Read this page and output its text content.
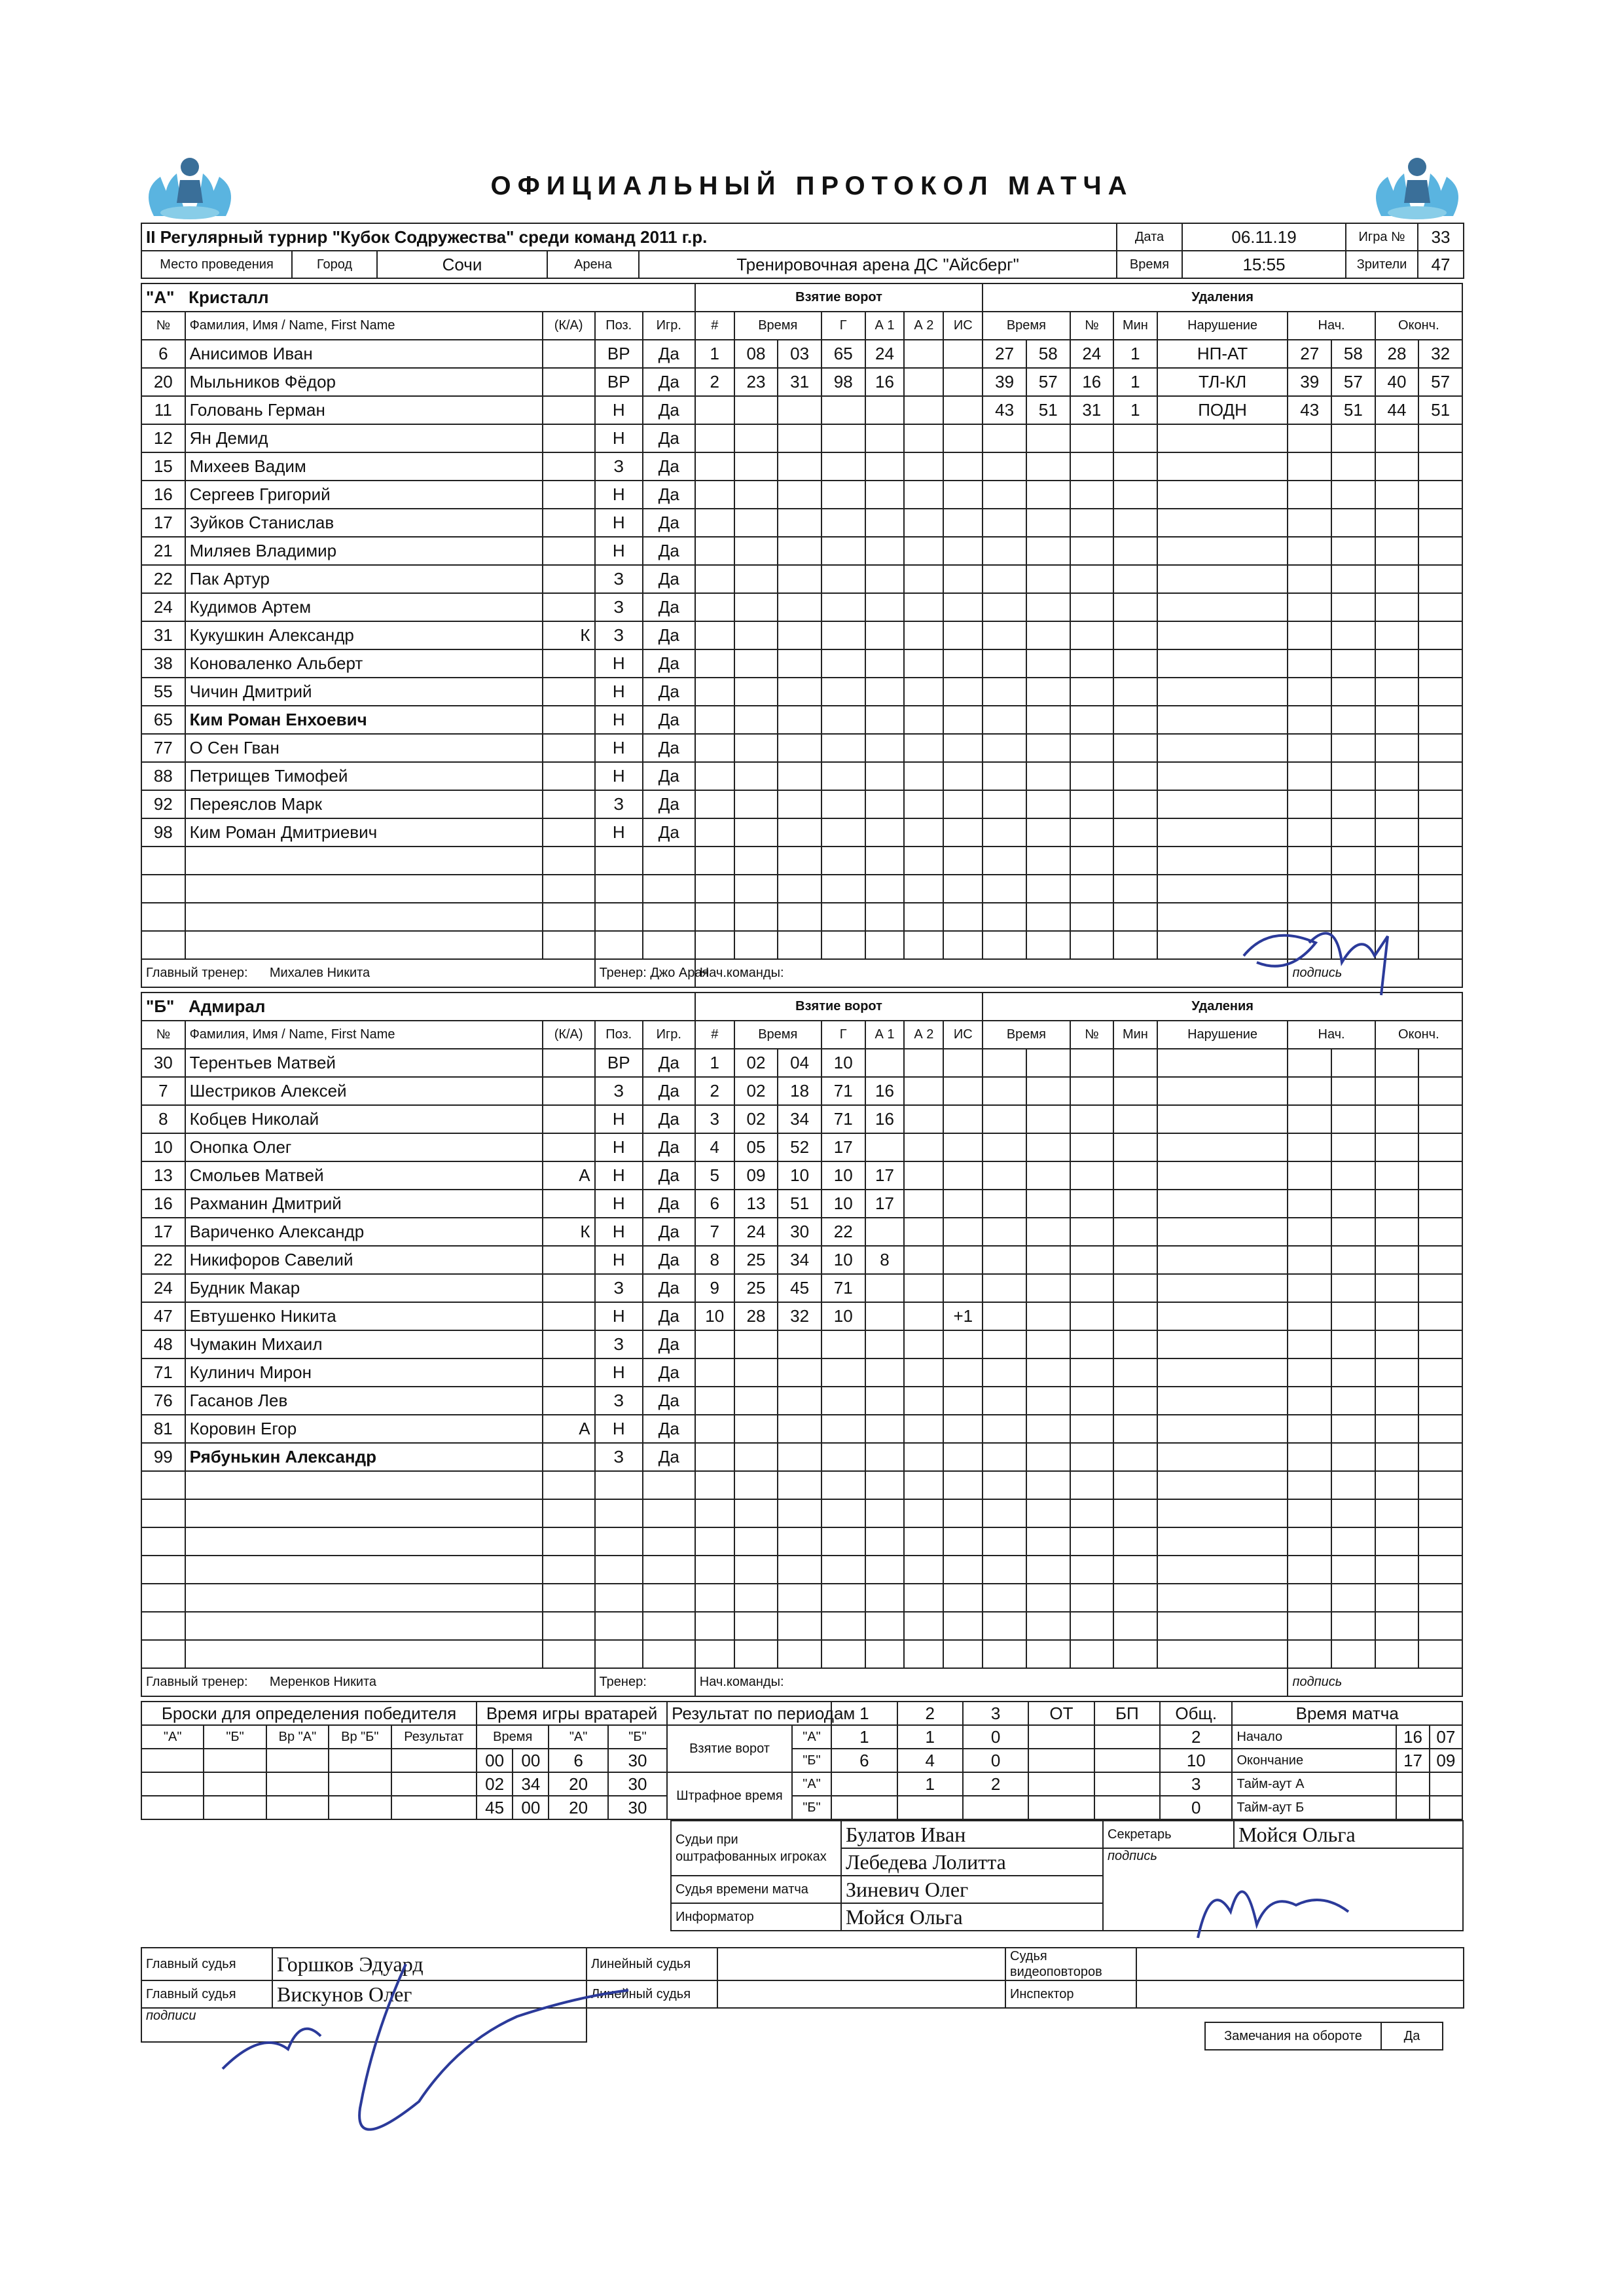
ОФИЦИАЛЬНЫЙ ПРОТОКОЛ МАТЧА
II Регулярный турнир "Кубок Содружества" среди команд 2011 г.р.					Дата	06.11.19	Игра №	33
Место проведения	Город	Сочи	Арена	Тренировочная арена ДС "Айсберг"	Время	15:55	Зрители	47
"А" Кристалл					Взятие ворот							Удаления								
№	Фамилия, Имя / Name, First Name	(К/А)	Поз.	Игр.	#	Время		Г	А 1	А 2	ИС	Время		№	Мин	Нарушение	Нач.		Оконч.	
6	Анисимов Иван		ВР	Да	1	08	03	65	24			27	58	24	1	НП-АТ	27	58	28	32
20	Мыльников Фёдор		ВР	Да	2	23	31	98	16			39	57	16	1	ТЛ-КЛ	39	57	40	57
11	Головань Герман		Н	Да								43	51	31	1	ПОДН	43	51	44	51
12	Ян Демид		Н	Да																
15	Михеев Вадим		З	Да																
16	Сергеев Григорий		Н	Да																
17	Зуйков Станислав		Н	Да																
21	Миляев Владимир		Н	Да																
22	Пак Артур		З	Да																
24	Кудимов Артем		З	Да																
31	Кукушкин Александр	К	З	Да																
38	Коноваленко Альберт		Н	Да																
55	Чичин Дмитрий		Н	Да																
65	Ким Роман Енхоевич		Н	Да																
77	О Сен Гван		Н	Да																
88	Петрищев Тимофей		Н	Да																
92	Переяслов Марк		З	Да																
98	Ким Роман Дмитриевич		Н	Да																

Главный тренер: Михалев Никита			Тренер: Джо Арая		Нач.команды:												подпись			
"Б" Адмирал					Взятие ворот							Удаления								
№	Фамилия, Имя / Name, First Name	(К/А)	Поз.	Игр.	#	Время		Г	А 1	А 2	ИС	Время		№	Мин	Нарушение	Нач.		Оконч.	
30	Терентьев Матвей		ВР	Да	1	02	04	10												
7	Шестриков Алексей		З	Да	2	02	18	71	16											
8	Кобцев Николай		Н	Да	3	02	34	71	16											
10	Онопка Олег		Н	Да	4	05	52	17												
13	Смольев Матвей	А	Н	Да	5	09	10	10	17											
16	Рахманин Дмитрий		Н	Да	6	13	51	10	17											
17	Вариченко Александр	К	Н	Да	7	24	30	22												
22	Никифоров Савелий		Н	Да	8	25	34	10	8											
24	Будник Макар		З	Да	9	25	45	71												
47	Евтушенко Никита		Н	Да	10	28	32	10			+1									
48	Чумакин Михаил		З	Да																
71	Кулинич Мирон		Н	Да																
76	Гасанов Лев		З	Да																
81	Коровин Егор	А	Н	Да																
99	Рябунькин Александр		З	Да																

Главный тренер: Меренков Никита			Тренер:		Нач.команды:												подпись			
Броски для определения победителя					Время игры вратарей				Результат по периодам		1	2	3	ОТ	БП	Общ.	Время матча		
"А"	"Б"	Вр "А"	Вр "Б"	Результат	Время		"А"	"Б"	Взятие ворот	"А"	1	1	0			2	Начало	16	07
					00	00	6	30		"Б"	6	4	0			10	Окончание	17	09
					02	34	20	30	Штрафное время	"А"		1	2			3	Тайм-аут А		
					45	00	20	30		"Б"						0	Тайм-аут Б		
	Судьи при оштрафованных игроках	Булатов Иван	Секретарь	Мойся Ольга
		Лебедева Лолитта	подпись	
	Судья времени матча	Зиневич Олег		
	Информатор	Мойся Ольга		
Главный судья	Горшков Эдуард	Линейный судья		Судья видеоповторов	
Главный судья	Вискунов Олег	Линейный судья		Инспектор	
подписи					
Замечания на обороте	Да
